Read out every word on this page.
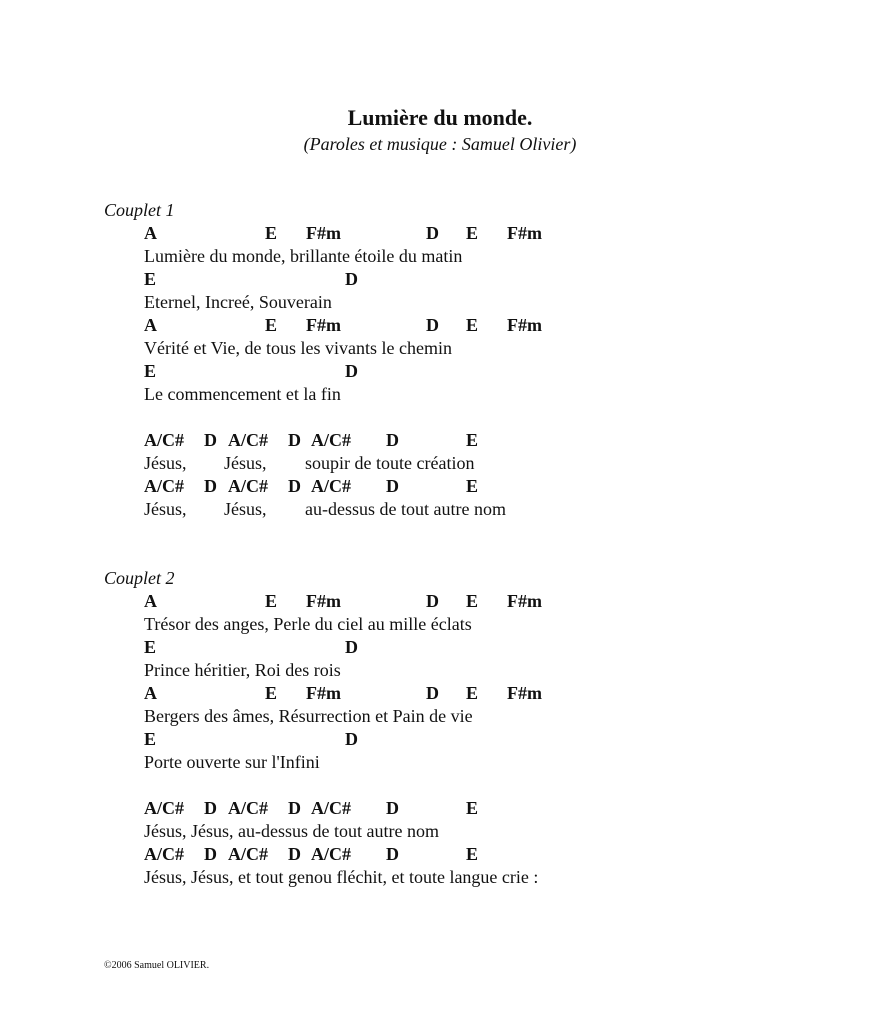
Lumière du monde.
(Paroles et musique : Samuel Olivier)
Couplet 1
A	E F#m	D E F#m
Lumière du monde, brillante étoile du matin
E	D
Eternel, Increé, Souverain
A	E F#m	D E F#m
Vérité et Vie, de tous les vivants le chemin
E	D
Le commencement et la fin
A/C# D A/C# D A/C# D	E
Jésus, Jésus, soupir de toute création
A/C# D A/C# D A/C# D	E
Jésus, Jésus, au-dessus de tout autre nom
Couplet 2
A	E F#m	D E F#m
Trésor des anges, Perle du ciel au mille éclats
E	D
Prince héritier, Roi des rois
A	E F#m	D E F#m
Bergers des âmes, Résurrection et Pain de vie
E	D
Porte ouverte sur l'Infini
A/C# D A/C# D A/C# D	E
Jésus, Jésus, au-dessus de tout autre nom
A/C# D A/C# D A/C# D	E
Jésus, Jésus, et tout genou fléchit, et toute langue crie :
©2006 Samuel OLIVIER.
